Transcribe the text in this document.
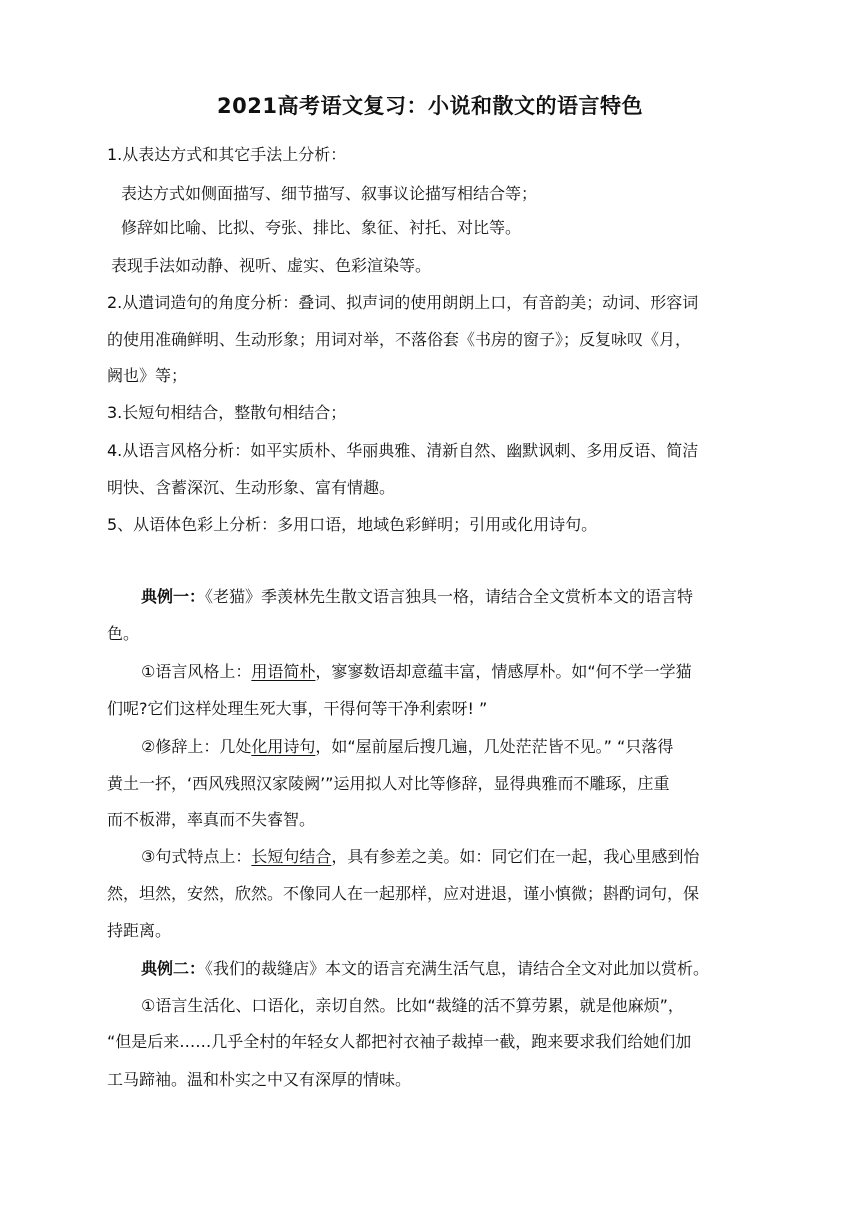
2021高考语文复习：小说和散文的语言特色
1.从表达方式和其它手法上分析：
表达方式如侧面描写、细节描写、叙事议论描写相结合等；
修辞如比喻、比拟、夸张、排比、象征、衬托、对比等。
表现手法如动静、视听、虚实、色彩渲染等。
2.从遣词造句的角度分析：叠词、拟声词的使用朗朗上口，有音韵美；动词、形容词
的使用准确鲜明、生动形象；用词对举，不落俗套《书房的窗子》；反复咏叹《月，
阙也》等；
3.长短句相结合，整散句相结合；
4.从语言风格分析：如平实质朴、华丽典雅、清新自然、幽默讽刺、多用反语、简洁
明快、含蓄深沉、生动形象、富有情趣。
5、从语体色彩上分析：多用口语，地域色彩鲜明；引用或化用诗句。
典例一：《老猫》季羡林先生散文语言独具一格，请结合全文赏析本文的语言特
色。
①语言风格上：用语简朴，寥寥数语却意蕴丰富，情感厚朴。如“何不学一学猫
们呢?它们这样处理生死大事，干得何等干净利索呀! ”
②修辞上：几处化用诗句，如“屋前屋后搜几遍，几处茫茫皆不见。” “只落得
黄土一抔，‘西风残照汉家陵阙’”运用拟人对比等修辞，显得典雅而不雕琢，庄重
而不板滞，率真而不失睿智。
③句式特点上：长短句结合，具有参差之美。如：同它们在一起，我心里感到怡
然，坦然，安然，欣然。不像同人在一起那样，应对进退，谨小慎微；斟酌词句，保
持距离。
典例二：《我们的裁缝店》本文的语言充满生活气息，请结合全文对此加以赏析。
①语言生活化、口语化，亲切自然。比如“裁缝的活不算劳累，就是他麻烦”，
“但是后来……几乎全村的年轻女人都把衬衣袖子裁掉一截，跑来要求我们给她们加
工马蹄袖。温和朴实之中又有深厚的情味。
